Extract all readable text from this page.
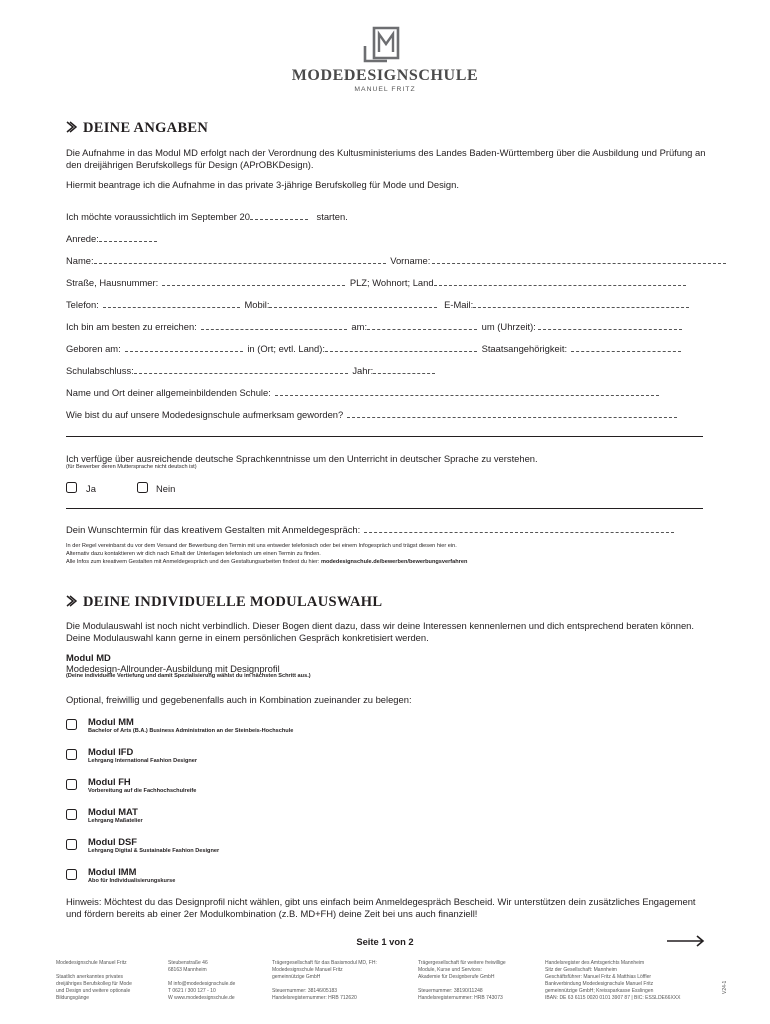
MODEDESIGNSCHULE
MANUEL FRITZ
DEINE ANGABEN
Die Aufnahme in das Modul MD erfolgt nach der Verordnung des Kultusministeriums des Landes Baden-Württemberg über die Ausbildung und Prüfung an den dreijährigen Berufskollegs für Design (APrOBKDesign).
Hiermit beantrage ich die Aufnahme in das private 3-jährige Berufskolleg für Mode und Design.
Ich möchte voraussichtlich im September 20	starten.
Anrede:
Name:	Vorname:
Straße, Hausnummer:	PLZ; Wohnort; Land
Telefon:	Mobil:	E-Mail:
Ich bin am besten zu erreichen:	am:	um (Uhrzeit):
Geboren am:	in (Ort; evtl. Land):	Staatsangehörigkeit:
Schulabschluss:	Jahr:
Name und Ort deiner allgemeinbildenden Schule:
Wie bist du auf unsere Modedesignschule aufmerksam geworden?
Ich verfüge über ausreichende deutsche Sprachkenntnisse um den Unterricht in deutscher Sprache zu verstehen.
(für Bewerber deren Muttersprache nicht deutsch ist)
Ja	Nein
Dein Wunschtermin für das kreativem Gestalten mit Anmeldegespräch:
In der Regel vereinbarst du vor dem Versand der Bewerbung den Termin mit uns entweder telefonisch oder bei einem Infogespräch und trägst diesen hier ein.
Alternativ dazu kontaktieren wir dich nach Erhalt der Unterlagen telefonisch um einen Termin zu finden.
Alle Infos zum kreativem Gestalten mit Anmeldegespräch und den Gestaltungsarbeiten findest du hier: modedesignschule.de/bewerben/bewerbungsverfahren
DEINE INDIVIDUELLE MODULAUSWAHL
Die Modulauswahl ist noch nicht verbindlich. Dieser Bogen dient dazu, dass wir deine Interessen kennenlernen und dich entsprechend beraten können. Deine Modulauswahl kann gerne in einem persönlichen Gespräch konkretisiert werden.
Modul MD
Modedesign-Allrounder-Ausbildung mit Designprofil
(Deine individuelle Vertiefung und damit Spezialisierung wählst du im nächsten Schritt aus.)
Optional, freiwillig und gegebenenfalls auch in Kombination zueinander zu belegen:
Modul MM
Bachelor of Arts (B.A.) Business Administration an der Steinbeis-Hochschule
Modul IFD
Lehrgang International Fashion Designer
Modul FH
Vorbereitung auf die Fachhochschulreife
Modul MAT
Lehrgang Maßatelier
Modul DSF
Lehrgang Digital & Sustainable Fashion Designer
Modul IMM
Abo für Individualisierungskurse
Hinweis: Möchtest du das Designprofil nicht wählen, gibt uns einfach beim Anmeldegespräch Bescheid. Wir unterstützen dein zusätzliches Engagement und fördern bereits ab einer 2er Modulkombination (z.B. MD+FH) deine Zeit bei uns auch finanziell!
Seite 1 von 2
Modedesignschule Manuel Fritz
Staatlich anerkanntes privates
dreijähriges Berufskolleg für Mode
und Design und weitere optionale
Bildungsgänge
Steubenstraße 46
68163 Mannheim
M info@modedesignschule.de
T 0621 / 300 127 - 10
W www.modedesignschule.de
Trägergesellschaft für das Basismodul MD, FH:
Modedesignschule Manuel Fritz
gemeinnützige GmbH
Steuernummer: 38146/05183
Handelsregisternummer: HRB 712620
Trägergesellschaft für weitere freiwillige
Module, Kurse und Services:
Akademie für Designberufe GmbH
Steuernummer: 38190/11248
Handelsregisternummer: HRB 743073
Handelsregister des Amtsgerichts Mannheim
Sitz der Gesellschaft: Mannheim
Geschäftsführer: Manuel Fritz & Matthias Löffler
Bankverbindung Modedesignschule Manuel Fritz
gemeinnützige GmbH; Kreissparkasse Esslingen
IBAN: DE 63 6115 0020 0101 3907 87 | BIC: ESSLDE66XXX
V24-1
